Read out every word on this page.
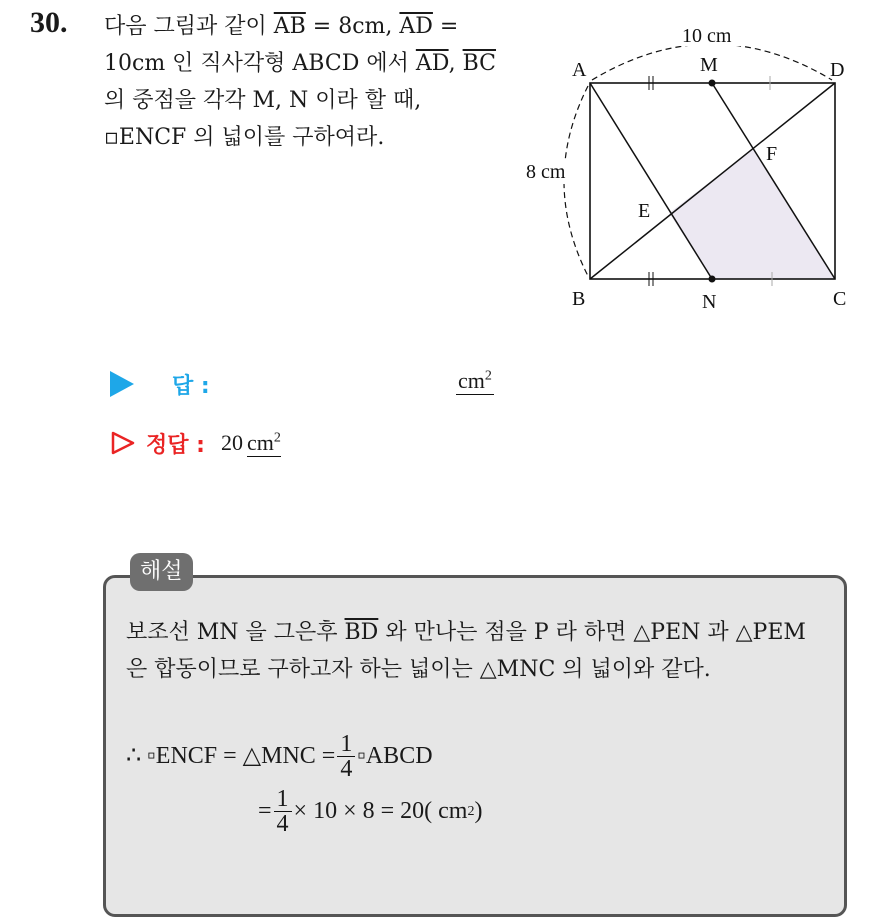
30. 다음 그림과 같이 $\overline{AB} = 8cm$, $\overline{AD} = 10cm$ 인 직사각형 ABCD 에서 $\overline{AD}$, $\overline{BC}$ 의 중점을 각각 M, N 이라 할 때, ▫ENCF 의 넓이를 구하여라.
10 cm
8 cm
A	M	D
B	N	C
E
F
답 :	$cm^2$
정답 : 20 $cm^2$
해설
보조선 MN 을 그은후 $\overline{BD}$ 와 만나는 점을 P 라 하면 △PEN 과 △PEM 은 합동이므로 구하고자 하는 넓이는 △MNC 의 넓이와 같다.
∴ ▫ENCF = △MNC = $\frac{1}{4}$ ▫ABCD
= $\frac{1}{4} \times 10 \times 8 = 20$( cm 2 )
